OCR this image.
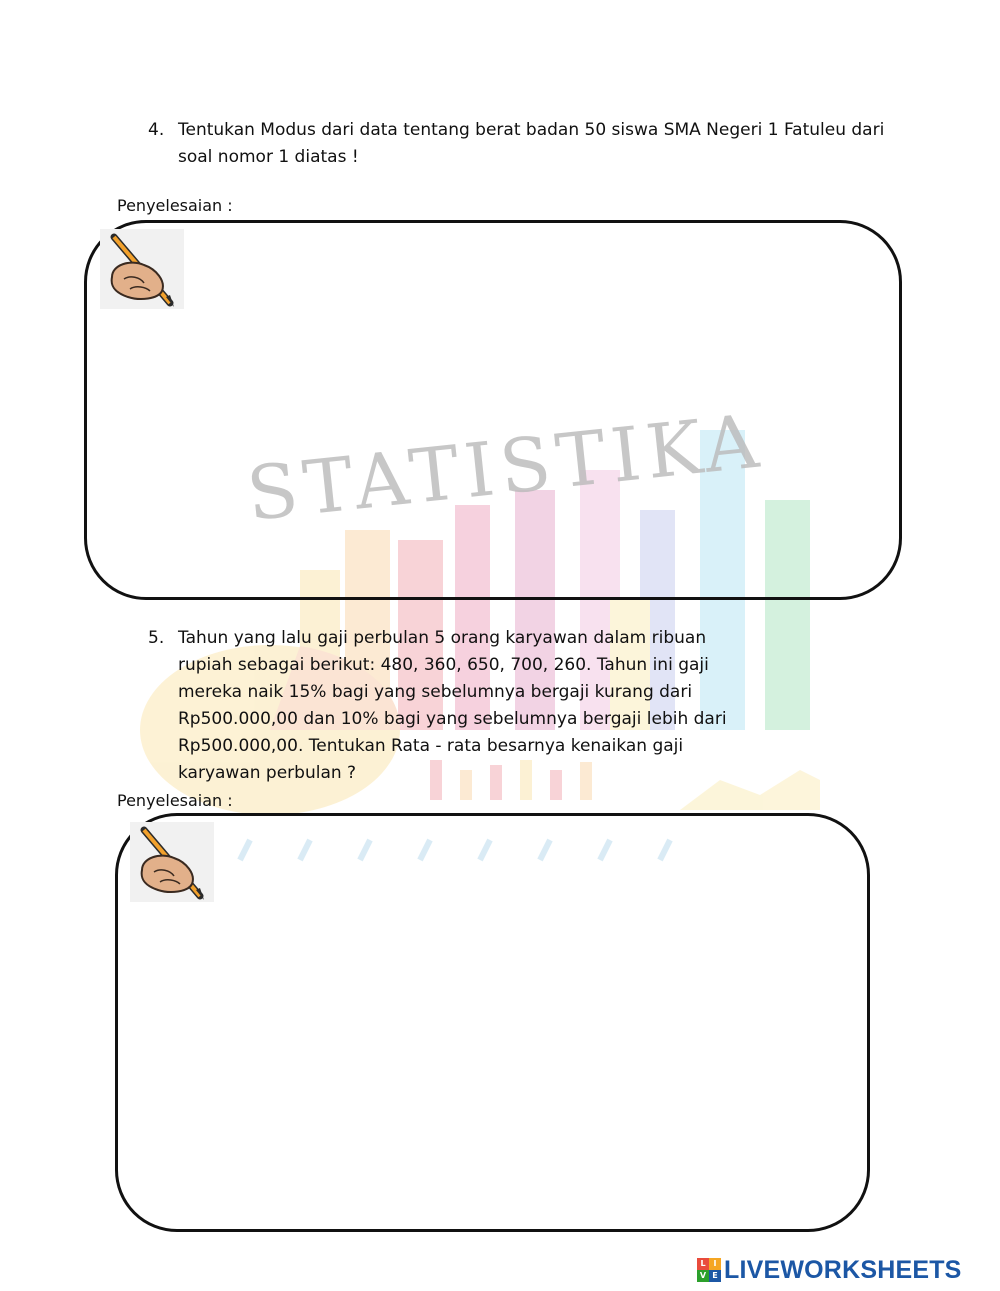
STATISTIKA
4. Tentukan Modus dari data tentang berat badan 50 siswa SMA Negeri 1 Fatuleu dari
soal nomor 1 diatas !
Penyelesaian :
5. Tahun yang lalu gaji perbulan 5 orang karyawan dalam ribuan
rupiah sebagai berikut: 480, 360, 650, 700, 260. Tahun ini gaji
mereka naik 15% bagi yang sebelumnya bergaji kurang dari
Rp500.000,00 dan 10% bagi yang sebelumnya bergaji lebih dari
Rp500.000,00. Tentukan Rata - rata besarnya kenaikan gaji
karyawan perbulan ?
Penyelesaian :
L I
V E LIVEWORKSHEETS
